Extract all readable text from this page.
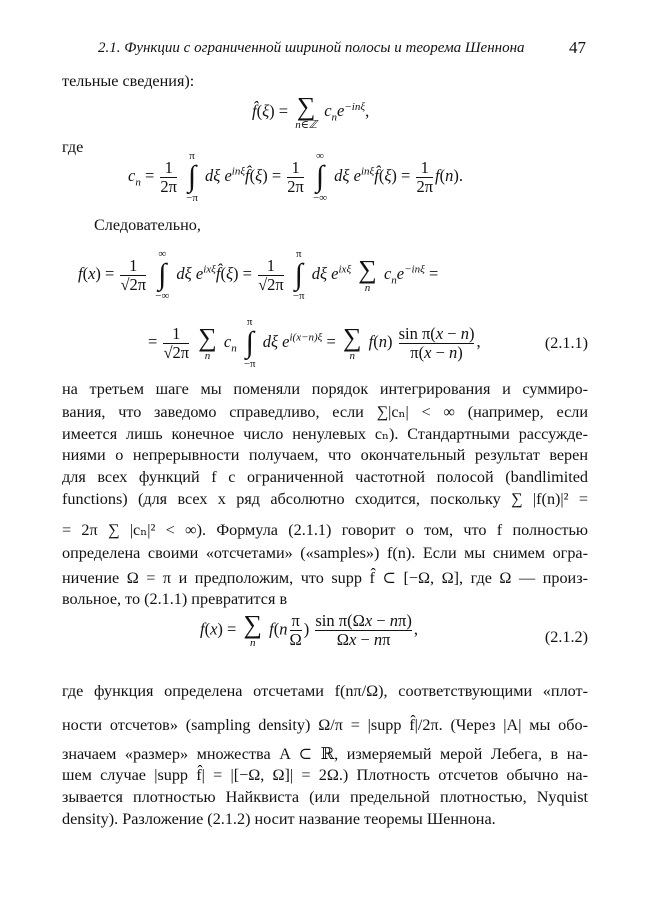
2.1. Функции с ограниченной шириной полосы и теорема Шеннона	47
тельные сведения):
f̂(ξ) = ∑
n∈ℤ
$c_ne^{-in\xi}$,
где
$c_n = \frac{1}{2\pi}$

π
∫
−π
dξ $e^{in\xi}f̂(\xi) = \frac{1}{2\pi}$

∞
∫
−∞
dξ $e^{in\xi}f̂(\xi) = \frac{1}{2\pi} f(n)$.
Следовательно,
$f(x) = \frac{1}{√2\pi}$

∞
∫
−∞
dξ $e^{ix\xi}f̂(\xi) = \frac{1}{√2\pi}$

π
∫
−π
dξ $e^{ix\xi}$ ∑
n
$c_ne^{-in\xi}$ =
= $\frac{1}{√2\pi}$
∑
n
$c_n$
π
∫
−π
dξ $e^{i(x-n)\xi}$ = ∑
n
$f(n) \frac{\text{sin π(x − n)}}{\pi(x - n)}$ ,	(2.1.1)
на третьем шаге мы поменяли порядок интегрирования и суммиро-
вания, что заведомо справедливо, если ∑|cₙ| < ∞ (например, если
имеется лишь конечное число ненулевых cₙ). Стандартными рассужде-
ниями о непрерывности получаем, что окончательный результат верен
для всех функций f с ограниченной частотной полосой (bandlimited
functions) (для всех x ряд абсолютно сходится, поскольку ∑ |f(n)|² =
= 2π ∑ |cₙ|² < ∞). Формула (2.1.1) говорит о том, что f полностью
определена своими «отсчетами» («samples») f(n). Если мы снимем огра-
ничение Ω = π и предположим, что supp f̂ ⊂ [−Ω, Ω], где Ω — произ-
вольное, то (2.1.1) превратится в
f(x) = ∑
n
$f(n \frac{\pi}{\Omega}$ ) $\frac{\text{sin π(Ωx − nπ)}}{\Omega x - n\pi}$ ,	(2.1.2)
где функция определена отсчетами f(nπ/Ω), соответствующими «плот-
ности отсчетов» (sampling density) Ω/π = |supp f̂|/2π. (Через |A| мы обо-
значаем «размер» множества A ⊂ ℝ, измеряемый мерой Лебега, в на-
шем случае |supp f̂| = |[−Ω, Ω]| = 2Ω.) Плотность отсчетов обычно на-
зывается плотностью Найквиста (или предельной плотностью, Nyquist
density). Разложение (2.1.2) носит название теоремы Шеннона.
